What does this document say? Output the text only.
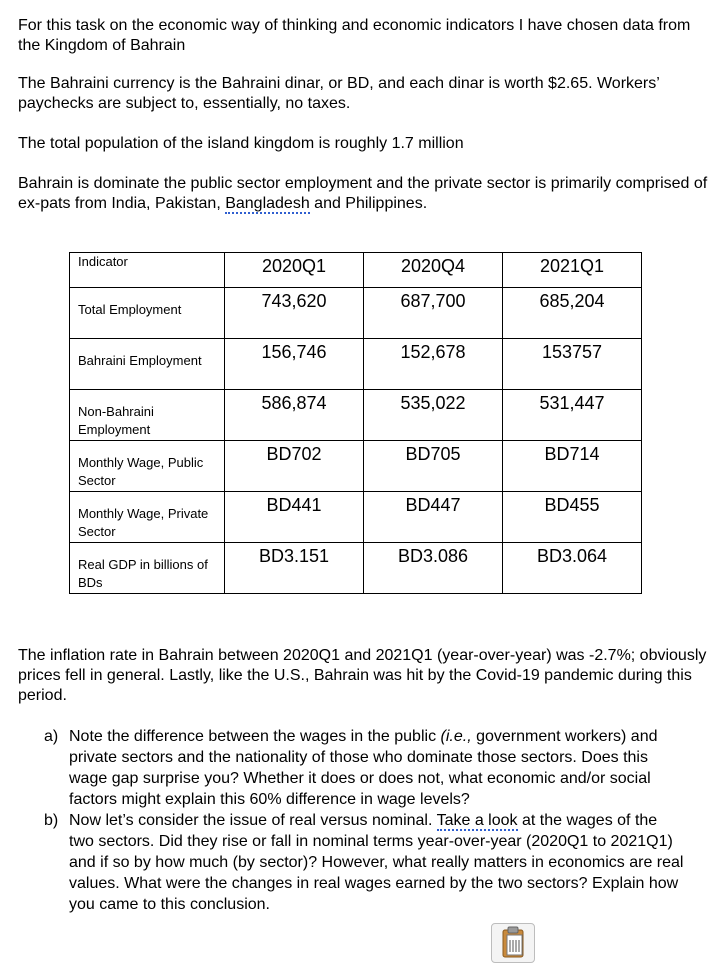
For this task on the economic way of thinking and economic indicators I have chosen data from the Kingdom of Bahrain

The Bahraini currency is the Bahraini dinar, or BD, and each dinar is worth $2.65. Workers’ paychecks are subject to, essentially, no taxes.

The total population of the island kingdom is roughly 1.7 million

Bahrain is dominate the public sector employment and the private sector is primarily comprised of ex-pats from India, Pakistan, Bangladesh and Philippines.

Indicator	2020Q1	2020Q4	2021Q1

Total Employment	743,620	687,700	685,204

Bahraini Employment	156,746	152,678	153757

Non-Bahraini Employment	586,874	535,022	531,447

Monthly Wage, Public Sector	BD702	BD705	BD714

Monthly Wage, Private Sector	BD441	BD447	BD455

Real GDP in billions of BDs	BD3.151	BD3.086	BD3.064

The inflation rate in Bahrain between 2020Q1 and 2021Q1 (year-over-year) was -2.7%; obviously prices fell in general. Lastly, like the U.S., Bahrain was hit by the Covid-19 pandemic during this period.

a) Note the difference between the wages in the public (i.e., government workers) and private sectors and the nationality of those who dominate those sectors. Does this wage gap surprise you? Whether it does or does not, what economic and/or social factors might explain this 60% difference in wage levels?
b) Now let’s consider the issue of real versus nominal. Take a look at the wages of the two sectors. Did they rise or fall in nominal terms year-over-year (2020Q1 to 2021Q1) and if so by how much (by sector)? However, what really matters in economics are real values. What were the changes in real wages earned by the two sectors? Explain how you came to this conclusion.
